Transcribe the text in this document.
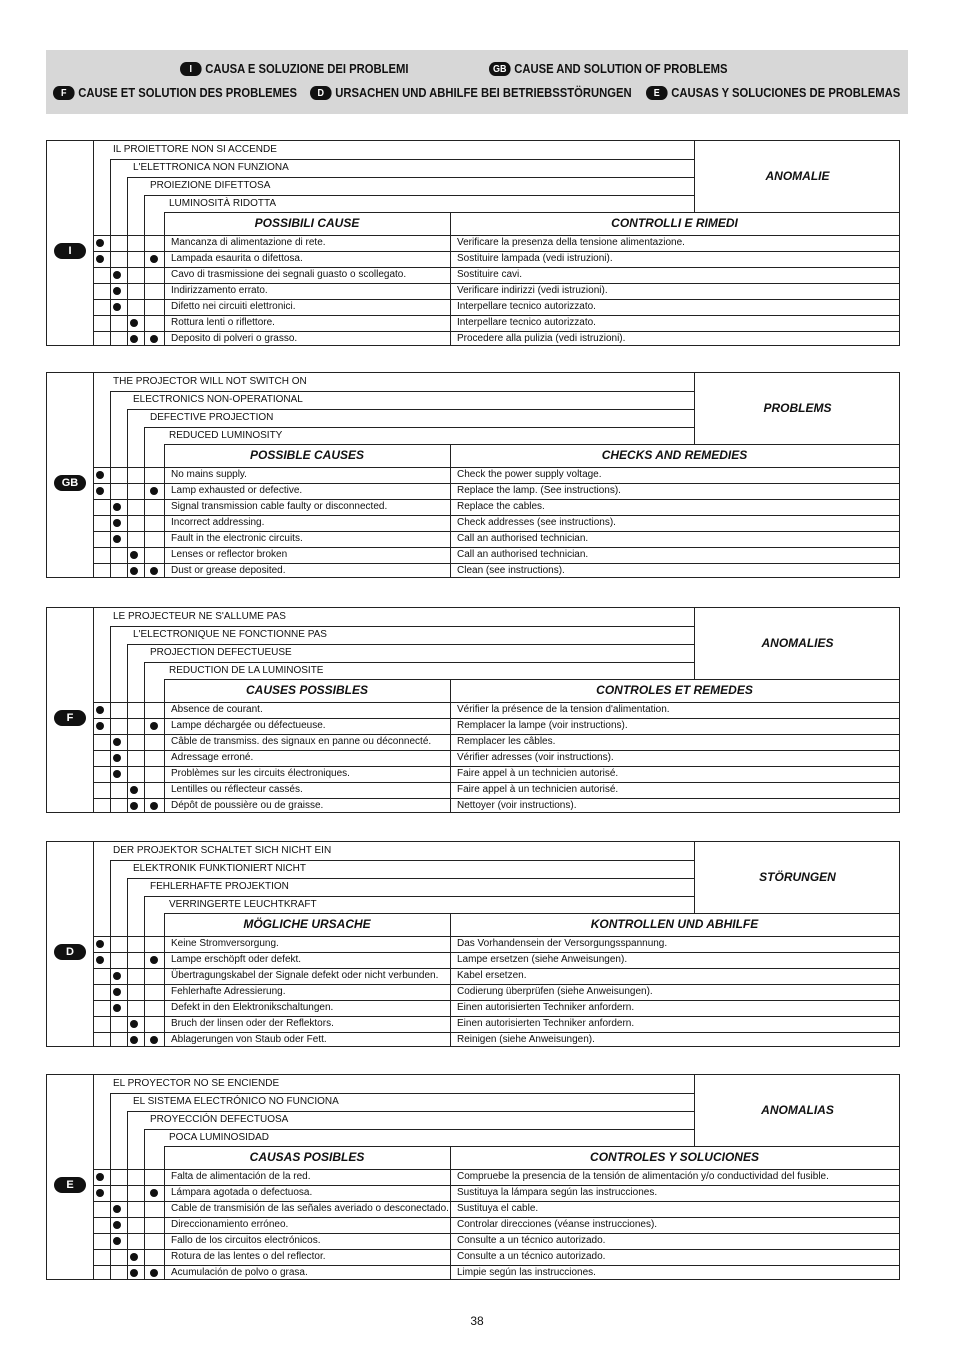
I	CAUSA E SOLUZIONE DEI PROBLEMI	GB CAUSE AND SOLUTION OF PROBLEMS
F CAUSE ET SOLUTION DES PROBLEMES	D URSACHEN UND ABHILFE BEI BETRIEBSSTÖRUNGEN	E CAUSAS Y SOLUCIONES DE PROBLEMAS
IL PROIETTORE NON SI ACCENDE
L'ELETTRONICA NON FUNZIONA
PROIEZIONE DIFETTOSA
LUMINOSITÀ RIDOTTA
ANOMALIE
POSSIBILI CAUSE	CONTROLLI E RIMEDI
I
Mancanza di alimentazione di rete.	Verificare la presenza della tensione alimentazione.
Lampada esaurita o difettosa.	Sostituire lampada (vedi istruzioni).
Cavo di trasmissione dei segnali guasto o scollegato.	Sostituire cavi.
Indirizzamento errato.	Verificare indirizzi (vedi istruzioni).
Difetto nei circuiti elettronici.	Interpellare tecnico autorizzato.
Rottura lenti o riflettore.	Interpellare tecnico autorizzato.
Deposito di polveri o grasso.	Procedere alla pulizia (vedi istruzioni).
THE PROJECTOR WILL NOT SWITCH ON
ELECTRONICS NON-OPERATIONAL
DEFECTIVE PROJECTION
REDUCED LUMINOSITY
PROBLEMS
POSSIBLE CAUSES	CHECKS AND REMEDIES
GB
No mains supply.	Check the power supply voltage.
Lamp exhausted or defective.	Replace the lamp. (See instructions).
Signal transmission cable faulty or disconnected.	Replace the cables.
Incorrect addressing.	Check addresses (see instructions).
Fault in the electronic circuits.	Call an authorised technician.
Lenses or reflector broken	Call an authorised technician.
Dust or grease deposited.	Clean (see instructions).
LE PROJECTEUR NE S'ALLUME PAS
L'ELECTRONIQUE NE FONCTIONNE PAS
PROJECTION DEFECTUEUSE
REDUCTION DE LA LUMINOSITE
ANOMALIES
CAUSES POSSIBLES	CONTROLES ET REMEDES
F
Absence de courant.	Vérifier la présence de la tension d'alimentation.
Lampe déchargée ou défectueuse.	Remplacer la lampe (voir instructions).
Câble de transmiss. des signaux en panne ou déconnecté.	Remplacer les câbles.
Adressage erroné.	Vérifier adresses (voir instructions).
Problèmes sur les circuits électroniques.	Faire appel à un technicien autorisé.
Lentilles ou réflecteur cassés.	Faire appel à un technicien autorisé.
Dépôt de poussière ou de graisse.	Nettoyer (voir instructions).
DER PROJEKTOR SCHALTET SICH NICHT EIN
ELEKTRONIK FUNKTIONIERT NICHT
FEHLERHAFTE PROJEKTION
VERRINGERTE LEUCHTKRAFT
STÖRUNGEN
MÖGLICHE URSACHE	KONTROLLEN UND ABHILFE
D
Keine Stromversorgung.	Das Vorhandensein der Versorgungsspannung.
Lampe erschöpft oder defekt.	Lampe ersetzen (siehe Anweisungen).
Übertragungskabel der Signale defekt oder nicht verbunden. Kabel ersetzen.
Fehlerhafte Adressierung.	Codierung überprüfen (siehe Anweisungen).
Defekt in den Elektronikschaltungen.	Einen autorisierten Techniker anfordern.
Bruch der linsen oder der Reflektors.	Einen autorisierten Techniker anfordern.
Ablagerungen von Staub oder Fett.	Reinigen (siehe Anweisungen).
EL PROYECTOR NO SE ENCIENDE
EL SISTEMA ELECTRÓNICO NO FUNCIONA
PROYECCIÓN DEFECTUOSA
POCA LUMINOSIDAD
ANOMALIAS
CAUSAS POSIBLES	CONTROLES Y SOLUCIONES
E
Falta de alimentación de la red.	Compruebe la presencia de la tensión de alimentación y/o conductividad del fusible.
Lámpara agotada o defectuosa.	Sustituya la lámpara según las instrucciones.
Cable de transmisión de las señales averiado o desconectado. Sustituya el cable.
Direccionamiento erróneo.	Controlar direcciones (véanse instrucciones).
Fallo de los circuitos electrónicos.	Consulte a un técnico autorizado.
Rotura de las lentes o del reflector.	Consulte a un técnico autorizado.
Acumulación de polvo o grasa.	Limpie según las instrucciones.
38
